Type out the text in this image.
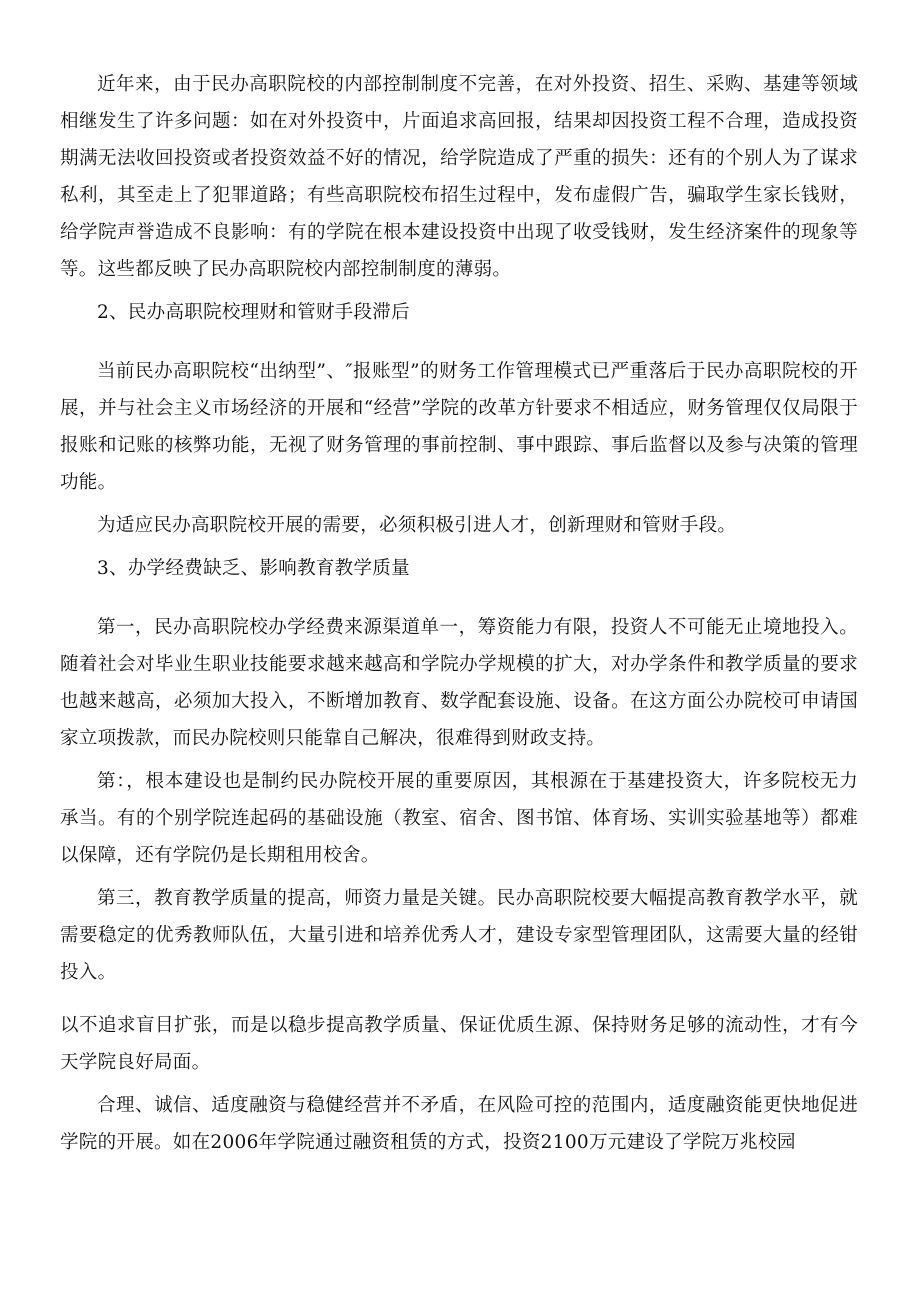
近年来，由于民办高职院校的内部控制制度不完善，在对外投资、招生、采购、基建等领域相继发生了许多问题：如在对外投资中，片面追求高回报，结果却因投资工程不合理，造成投资期满无法收回投资或者投资效益不好的情况，给学院造成了严重的损失：还有的个别人为了谋求私利，其至走上了犯罪道路；有些高职院校布招生过程中，发布虚假广告，骗取学生家长钱财，给学院声誉造成不良影响：有的学院在根本建设投资中出现了收受钱财，发生经济案件的现象等等。这些都反映了民办高职院校内部控制制度的薄弱。

2、民办高职院校理财和管财手段滞后

当前民办高职院校“出纳型”、″报账型”的财务工作管理模式已严重落后于民办高职院校的开展，并与社会主义市场经济的开展和“经营”学院的改革方针要求不相适应，财务管理仅仅局限于报账和记账的核弊功能，无视了财务管理的事前控制、事中跟踪、事后监督以及参与决策的管理功能。

为适应民办高职院校开展的需要，必须积极引进人才，创新理财和管财手段。

3、办学经费缺乏、影响教育教学质量

第一，民办高职院校办学经费来源渠道单一，筹资能力有限，投资人不可能无止境地投入。随着社会对毕业生职业技能要求越来越高和学院办学规模的扩大，对办学条件和教学质量的要求也越来越高，必须加大投入，不断增加教育、数学配套设施、设备。在这方面公办院校可申请国家立项拨款，而民办院校则只能靠自己解决，很难得到财政支持。

第：，根本建设也是制约民办院校开展的重要原因，其根源在于基建投资大，许多院校无力承当。有的个别学院连起码的基础设施（教室、宿舍、图书馆、体育场、实训实验基地等）都难以保障，还有学院仍是长期租用校舍。

第三，教育教学质量的提高，师资力量是关键。民办高职院校要大幅提高教育教学水平，就需要稳定的优秀教师队伍，大量引进和培养优秀人才，建设专家型管理团队，这需要大量的经钳投入。

以不追求盲目扩张，而是以稳步提高教学质量、保证优质生源、保持财务足够的流动性，才有今天学院良好局面。

合理、诚信、适度融资与稳健经营并不矛盾，在风险可控的范围内，适度融资能更快地促进学院的开展。如在2006年学院通过融资租赁的方式，投资2100万元建设了学院万兆校园
